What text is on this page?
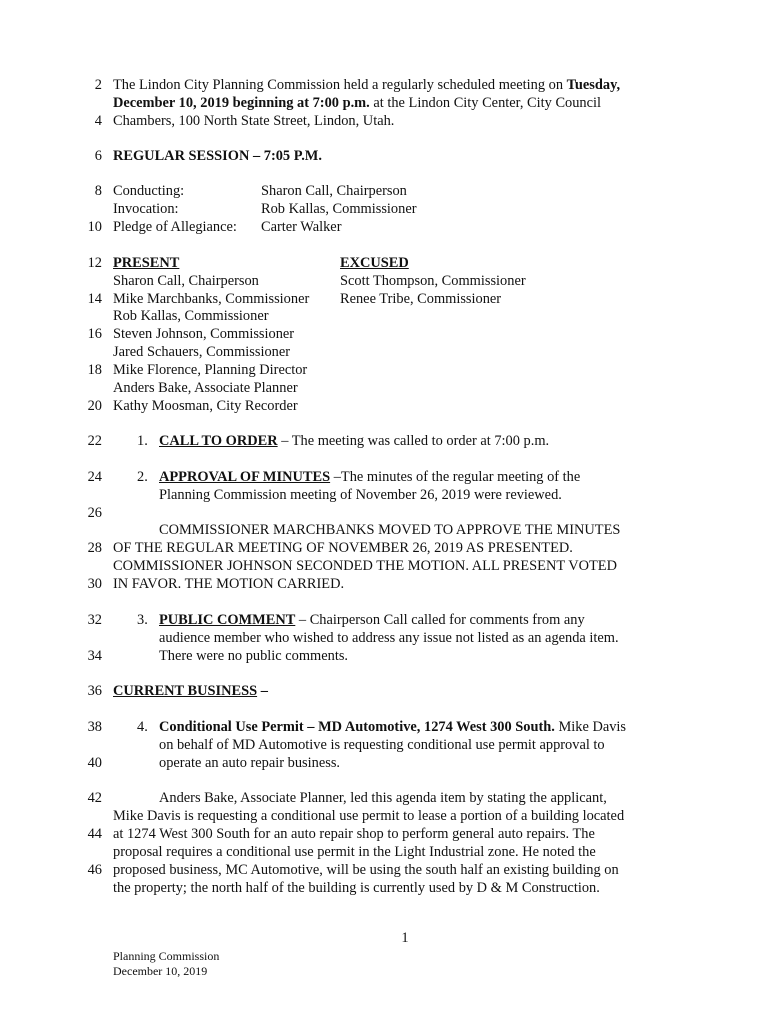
2
4
6
8
10
12
14
16
18
20
22
24
26
28
30
32
34
36
38
40
42
44
46
The Lindon City Planning Commission held a regularly scheduled meeting on Tuesday,
December 10, 2019 beginning at 7:00 p.m. at the Lindon City Center, City Council
Chambers, 100 North State Street, Lindon, Utah.
REGULAR SESSION – 7:05 P.M.
Conducting:	Sharon Call, Chairperson
Invocation:	Rob Kallas, Commissioner
Pledge of Allegiance: Carter Walker
PRESENT
Sharon Call, Chairperson
Mike Marchbanks, Commissioner
Rob Kallas, Commissioner
Steven Johnson, Commissioner
Jared Schauers, Commissioner
Mike Florence, Planning Director
Anders Bake, Associate Planner
Kathy Moosman, City Recorder
EXCUSED
Scott Thompson, Commissioner
Renee Tribe, Commissioner
1. CALL TO ORDER – The meeting was called to order at 7:00 p.m.
2. APPROVAL OF MINUTES –The minutes of the regular meeting of the
Planning Commission meeting of November 26, 2019 were reviewed.
COMMISSIONER MARCHBANKS MOVED TO APPROVE THE MINUTES
OF THE REGULAR MEETING OF NOVEMBER 26, 2019 AS PRESENTED.
COMMISSIONER JOHNSON SECONDED THE MOTION. ALL PRESENT VOTED
IN FAVOR. THE MOTION CARRIED.
3. PUBLIC COMMENT – Chairperson Call called for comments from any
audience member who wished to address any issue not listed as an agenda item.
There were no public comments.
CURRENT BUSINESS –
4. Conditional Use Permit – MD Automotive, 1274 West 300 South. Mike Davis
on behalf of MD Automotive is requesting conditional use permit approval to
operate an auto repair business.
Anders Bake, Associate Planner, led this agenda item by stating the applicant,
Mike Davis is requesting a conditional use permit to lease a portion of a building located
at 1274 West 300 South for an auto repair shop to perform general auto repairs. The
proposal requires a conditional use permit in the Light Industrial zone. He noted the
proposed business, MC Automotive, will be using the south half an existing building on
the property; the north half of the building is currently used by D & M Construction.
1
Planning Commission
December 10, 2019
